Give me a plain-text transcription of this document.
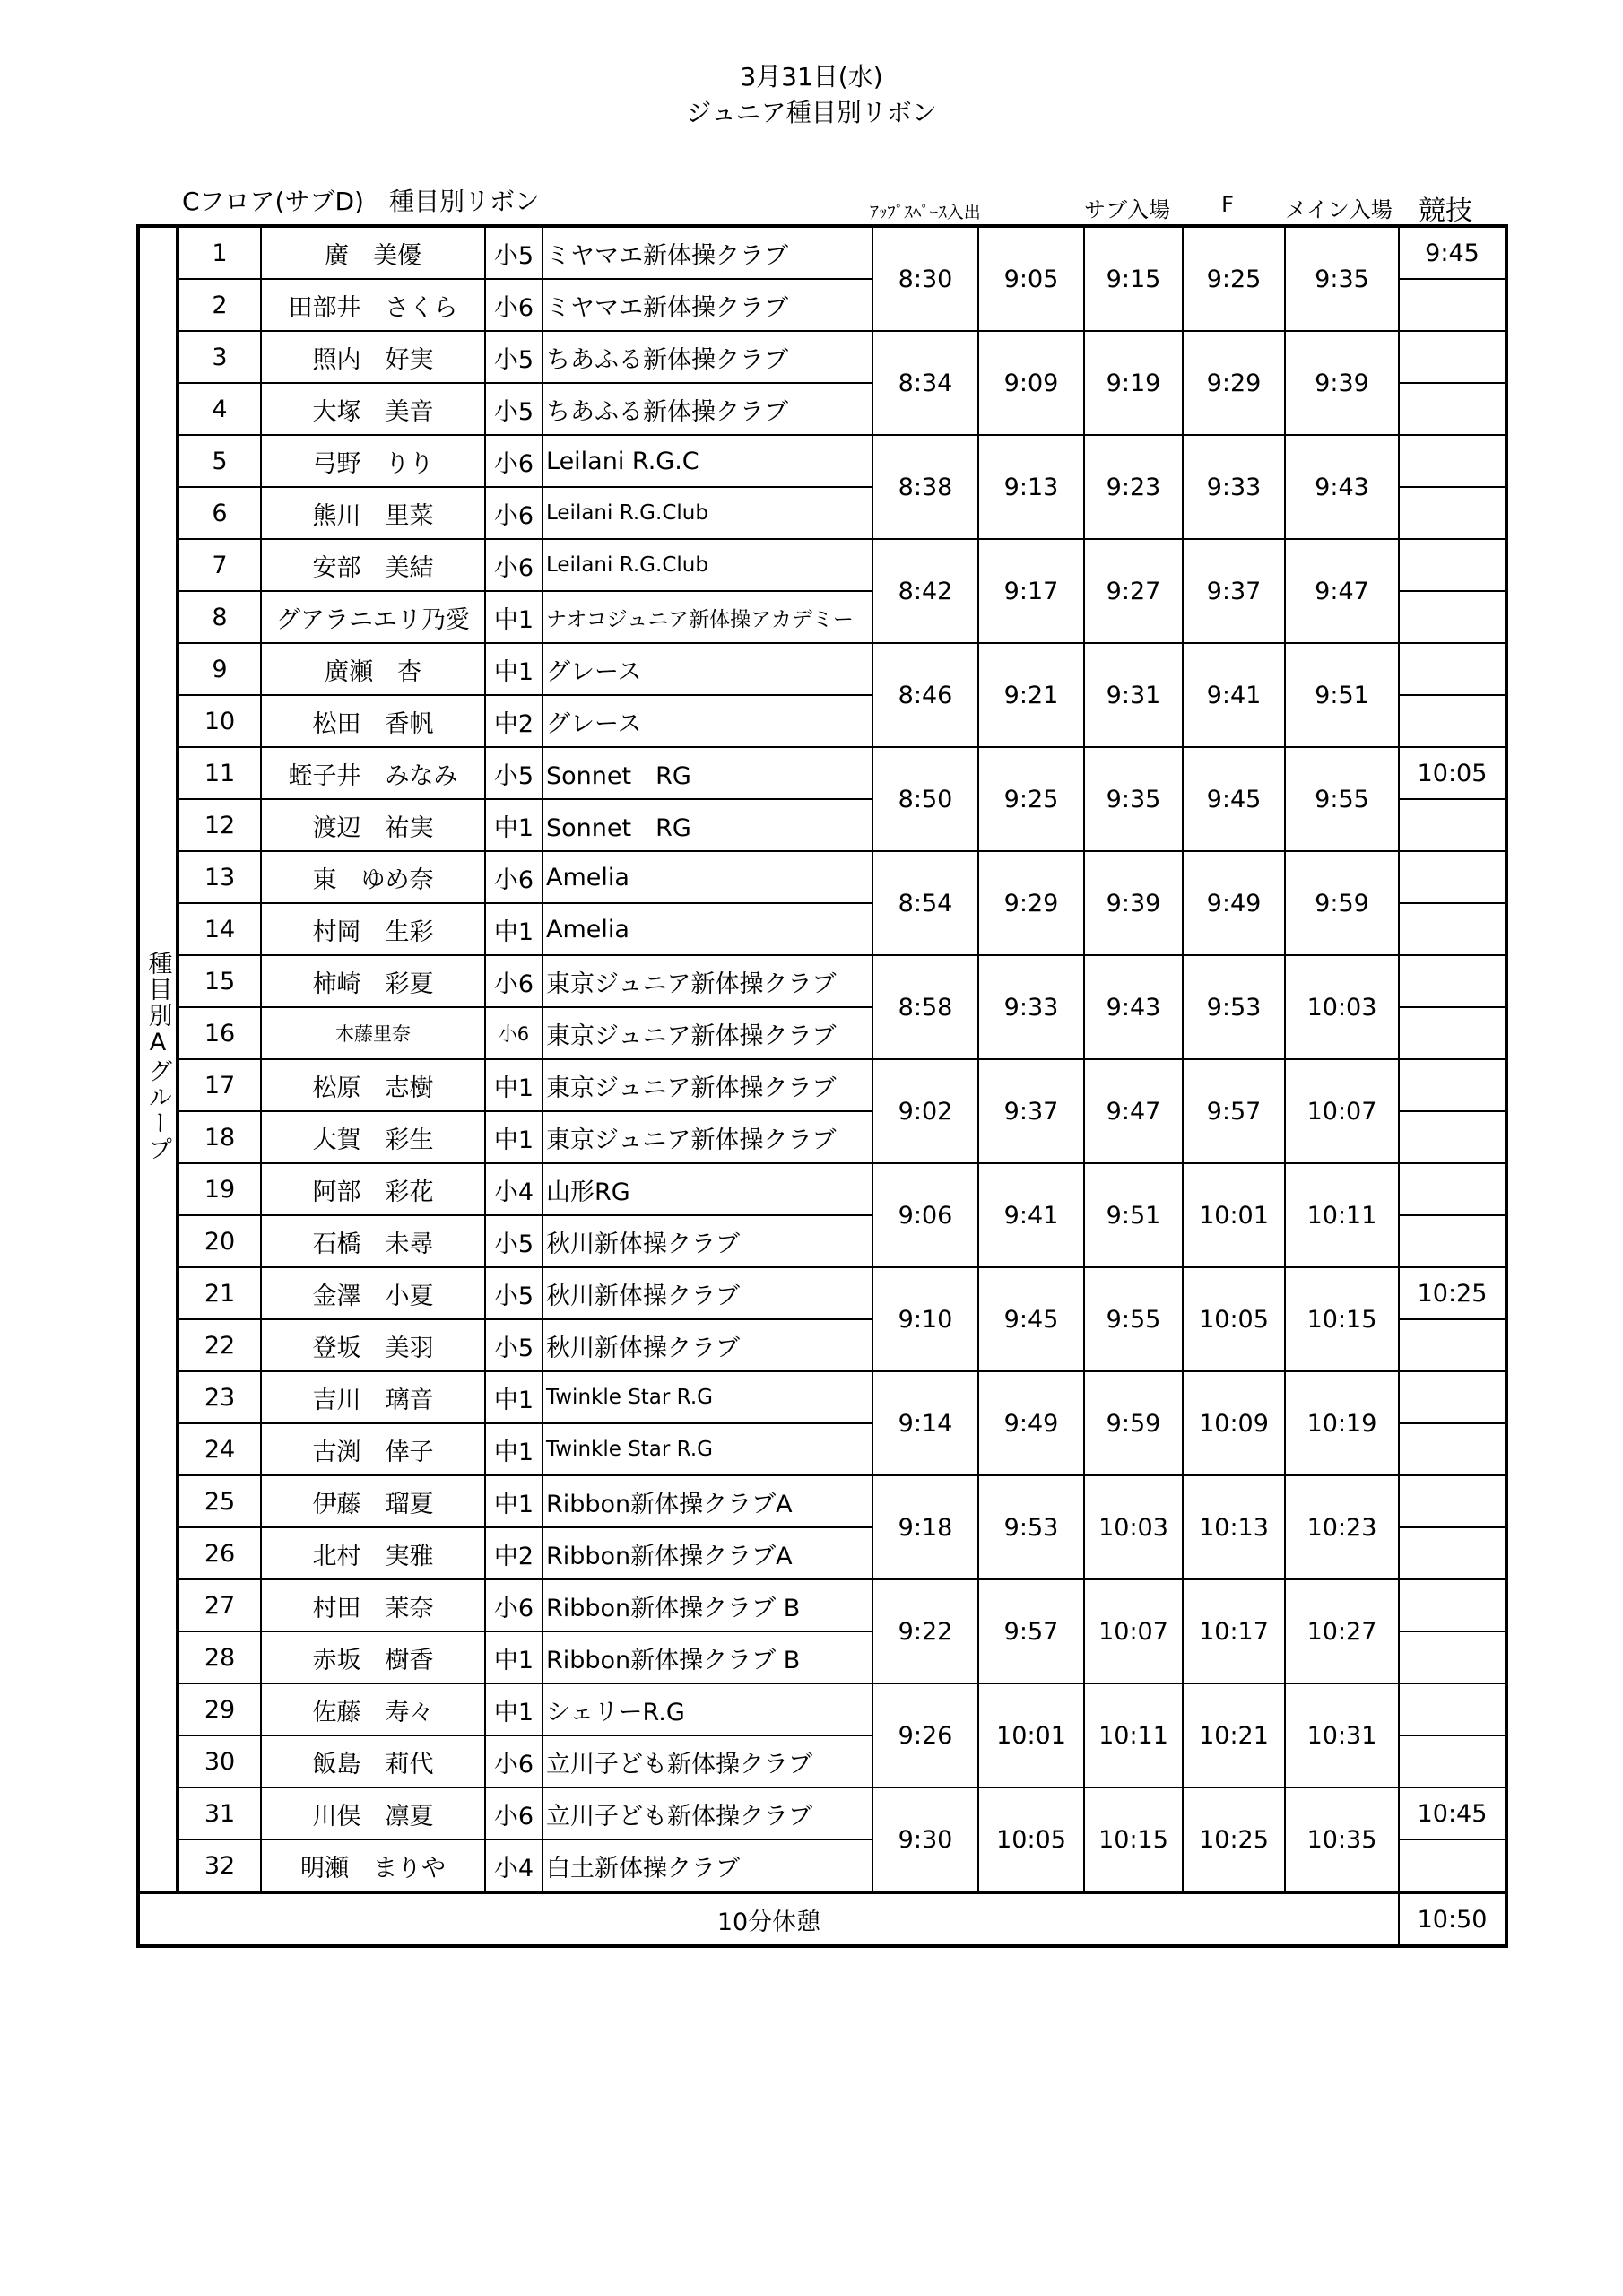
3月31日(水)
ジュニア種目別リボン
Cフロア(サブD)　種目別リボン	ｱｯﾌﾟｽﾍﾟｰｽ入出	サブ入場 F メイン入場 競技
種目別Aグループ	1	廣　美優	小5	ミヤマエ新体操クラブ	8:30	9:05	9:15	9:25	9:35	9:45
	2	田部井　さくら	小6	ミヤマエ新体操クラブ						
	3	照内　好実	小5	ちあふる新体操クラブ	8:34	9:09	9:19	9:29	9:39	
	4	大塚　美音	小5	ちあふる新体操クラブ						
	5	弓野　りり	小6	Leilani R.G.C	8:38	9:13	9:23	9:33	9:43	
	6	熊川　里菜	小6	Leilani R.G.Club						
	7	安部　美結	小6	Leilani R.G.Club	8:42	9:17	9:27	9:37	9:47	
	8	グアラニエリ乃愛	中1	ナオコジュニア新体操アカデミー						
	9	廣瀬　杏	中1	グレース	8:46	9:21	9:31	9:41	9:51	
	10	松田　香帆	中2	グレース						
	11	蛭子井　みなみ	小5	Sonnet　RG	8:50	9:25	9:35	9:45	9:55	10:05
	12	渡辺　祐実	中1	Sonnet　RG						
	13	東　ゆめ奈	小6	Amelia	8:54	9:29	9:39	9:49	9:59	
	14	村岡　生彩	中1	Amelia						
	15	柿崎　彩夏	小6	東京ジュニア新体操クラブ	8:58	9:33	9:43	9:53	10:03	
	16	木藤里奈	小6	東京ジュニア新体操クラブ						
	17	松原　志樹	中1	東京ジュニア新体操クラブ	9:02	9:37	9:47	9:57	10:07	
	18	大賀　彩生	中1	東京ジュニア新体操クラブ						
	19	阿部　彩花	小4	山形RG	9:06	9:41	9:51	10:01	10:11	
	20	石橋　未尋	小5	秋川新体操クラブ						
	21	金澤　小夏	小5	秋川新体操クラブ	9:10	9:45	9:55	10:05	10:15	10:25
	22	登坂　美羽	小5	秋川新体操クラブ						
	23	吉川　璃音	中1	Twinkle Star R.G	9:14	9:49	9:59	10:09	10:19	
	24	古渕　倖子	中1	Twinkle Star R.G						
	25	伊藤　瑠夏	中1	Ribbon新体操クラブA	9:18	9:53	10:03	10:13	10:23	
	26	北村　実雅	中2	Ribbon新体操クラブA						
	27	村田　茉奈	小6	Ribbon新体操クラブ B	9:22	9:57	10:07	10:17	10:27	
	28	赤坂　樹香	中1	Ribbon新体操クラブ B						
	29	佐藤　寿々	中1	シェリーR.G	9:26	10:01	10:11	10:21	10:31	
	30	飯島　莉代	小6	立川子ども新体操クラブ						
	31	川俣　凛夏	小6	立川子ども新体操クラブ	9:30	10:05	10:15	10:25	10:35	10:45
	32	明瀬　まりや	小4	白土新体操クラブ						
10分休憩										10:50
